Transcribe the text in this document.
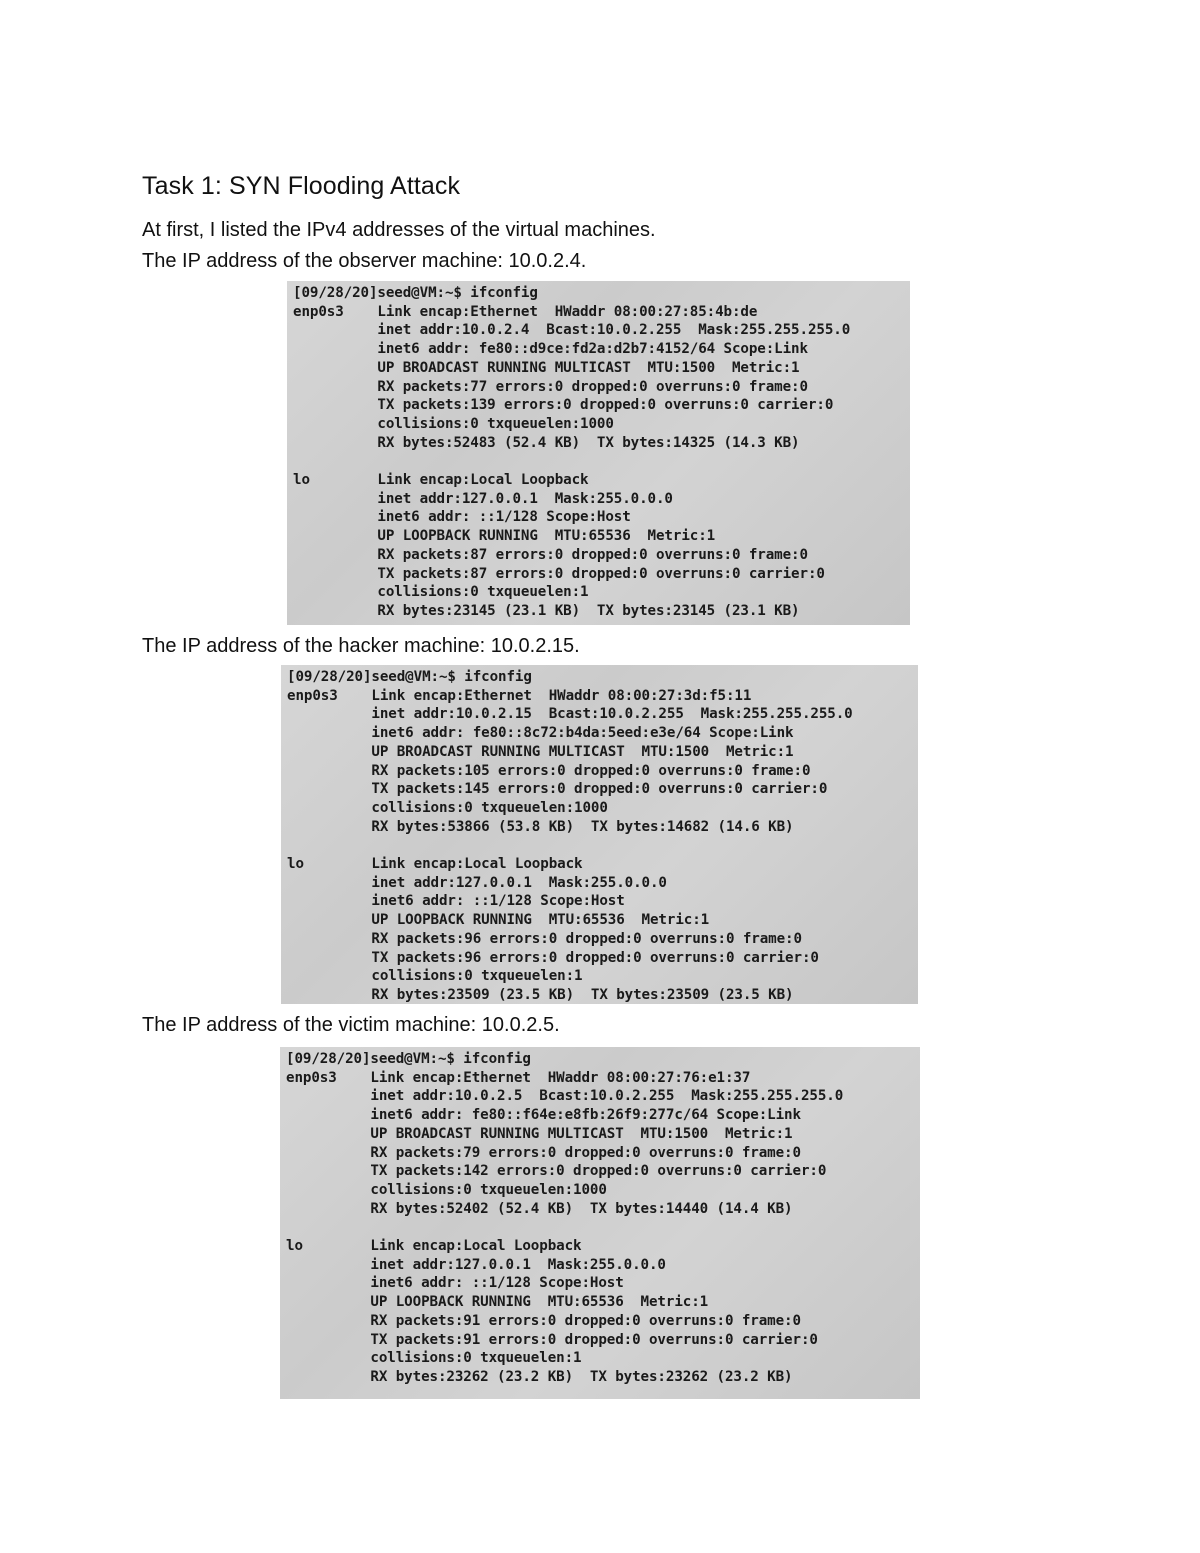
Task 1: SYN Flooding Attack

At first, I listed the IPv4 addresses of the virtual machines.

The IP address of the observer machine: 10.0.2.4.

[09/28/20]seed@VM:~$ ifconfig
enp0s3    Link encap:Ethernet  HWaddr 08:00:27:85:4b:de
inet addr:10.0.2.4  Bcast:10.0.2.255  Mask:255.255.255.0
inet6 addr: fe80::d9ce:fd2a:d2b7:4152/64 Scope:Link
UP BROADCAST RUNNING MULTICAST  MTU:1500  Metric:1
RX packets:77 errors:0 dropped:0 overruns:0 frame:0
TX packets:139 errors:0 dropped:0 overruns:0 carrier:0
collisions:0 txqueuelen:1000
RX bytes:52483 (52.4 KB)  TX bytes:14325 (14.3 KB)
lo        Link encap:Local Loopback
inet addr:127.0.0.1  Mask:255.0.0.0
inet6 addr: ::1/128 Scope:Host
UP LOOPBACK RUNNING  MTU:65536  Metric:1
RX packets:87 errors:0 dropped:0 overruns:0 frame:0
TX packets:87 errors:0 dropped:0 overruns:0 carrier:0
collisions:0 txqueuelen:1
RX bytes:23145 (23.1 KB)  TX bytes:23145 (23.1 KB)

The IP address of the hacker machine: 10.0.2.15.

[09/28/20]seed@VM:~$ ifconfig
enp0s3    Link encap:Ethernet  HWaddr 08:00:27:3d:f5:11
inet addr:10.0.2.15  Bcast:10.0.2.255  Mask:255.255.255.0
inet6 addr: fe80::8c72:b4da:5eed:e3e/64 Scope:Link
UP BROADCAST RUNNING MULTICAST  MTU:1500  Metric:1
RX packets:105 errors:0 dropped:0 overruns:0 frame:0
TX packets:145 errors:0 dropped:0 overruns:0 carrier:0
collisions:0 txqueuelen:1000
RX bytes:53866 (53.8 KB)  TX bytes:14682 (14.6 KB)
lo        Link encap:Local Loopback
inet addr:127.0.0.1  Mask:255.0.0.0
inet6 addr: ::1/128 Scope:Host
UP LOOPBACK RUNNING  MTU:65536  Metric:1
RX packets:96 errors:0 dropped:0 overruns:0 frame:0
TX packets:96 errors:0 dropped:0 overruns:0 carrier:0
collisions:0 txqueuelen:1
RX bytes:23509 (23.5 KB)  TX bytes:23509 (23.5 KB)

The IP address of the victim machine: 10.0.2.5.

[09/28/20]seed@VM:~$ ifconfig
enp0s3    Link encap:Ethernet  HWaddr 08:00:27:76:e1:37
inet addr:10.0.2.5  Bcast:10.0.2.255  Mask:255.255.255.0
inet6 addr: fe80::f64e:e8fb:26f9:277c/64 Scope:Link
UP BROADCAST RUNNING MULTICAST  MTU:1500  Metric:1
RX packets:79 errors:0 dropped:0 overruns:0 frame:0
TX packets:142 errors:0 dropped:0 overruns:0 carrier:0
collisions:0 txqueuelen:1000
RX bytes:52402 (52.4 KB)  TX bytes:14440 (14.4 KB)
lo        Link encap:Local Loopback
inet addr:127.0.0.1  Mask:255.0.0.0
inet6 addr: ::1/128 Scope:Host
UP LOOPBACK RUNNING  MTU:65536  Metric:1
RX packets:91 errors:0 dropped:0 overruns:0 frame:0
TX packets:91 errors:0 dropped:0 overruns:0 carrier:0
collisions:0 txqueuelen:1
RX bytes:23262 (23.2 KB)  TX bytes:23262 (23.2 KB)
